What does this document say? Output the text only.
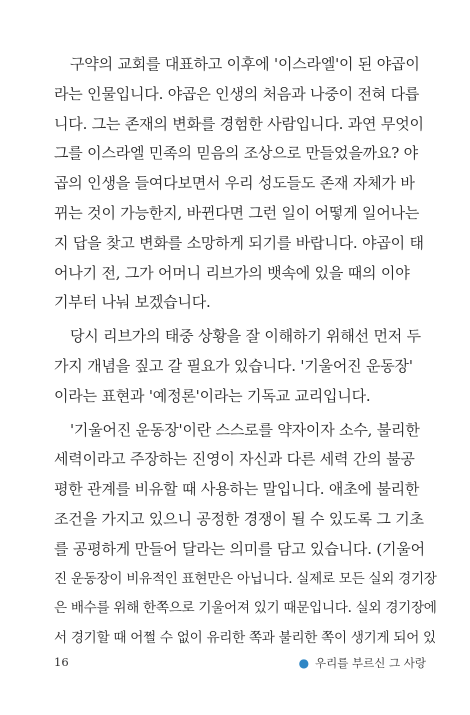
구약의 교회를 대표하고 이후에 '이스라엘'이 된 야곱이
라는 인물입니다. 야곱은 인생의 처음과 나중이 전혀 다릅
니다. 그는 존재의 변화를 경험한 사람입니다. 과연 무엇이
그를 이스라엘 민족의 믿음의 조상으로 만들었을까요? 야
곱의 인생을 들여다보면서 우리 성도들도 존재 자체가 바
뀌는 것이 가능한지, 바뀐다면 그런 일이 어떻게 일어나는
지 답을 찾고 변화를 소망하게 되기를 바랍니다. 야곱이 태
어나기 전, 그가 어머니 리브가의 뱃속에 있을 때의 이야
기부터 나눠 보겠습니다.
당시 리브가의 태중 상황을 잘 이해하기 위해선 먼저 두
가지 개념을 짚고 갈 필요가 있습니다. '기울어진 운동장'
이라는 표현과 '예정론'이라는 기독교 교리입니다.
'기울어진 운동장'이란 스스로를 약자이자 소수, 불리한
세력이라고 주장하는 진영이 자신과 다른 세력 간의 불공
평한 관계를 비유할 때 사용하는 말입니다. 애초에 불리한
조건을 가지고 있으니 공정한 경쟁이 될 수 있도록 그 기초
를 공평하게 만들어 달라는 의미를 담고 있습니다. (기울어
진 운동장이 비유적인 표현만은 아닙니다. 실제로 모든 실외 경기장
은 배수를 위해 한쪽으로 기울어져 있기 때문입니다. 실외 경기장에
서 경기할 때 어쩔 수 없이 유리한 쪽과 불리한 쪽이 생기게 되어 있
16	● 우리를 부르신 그 사랑
